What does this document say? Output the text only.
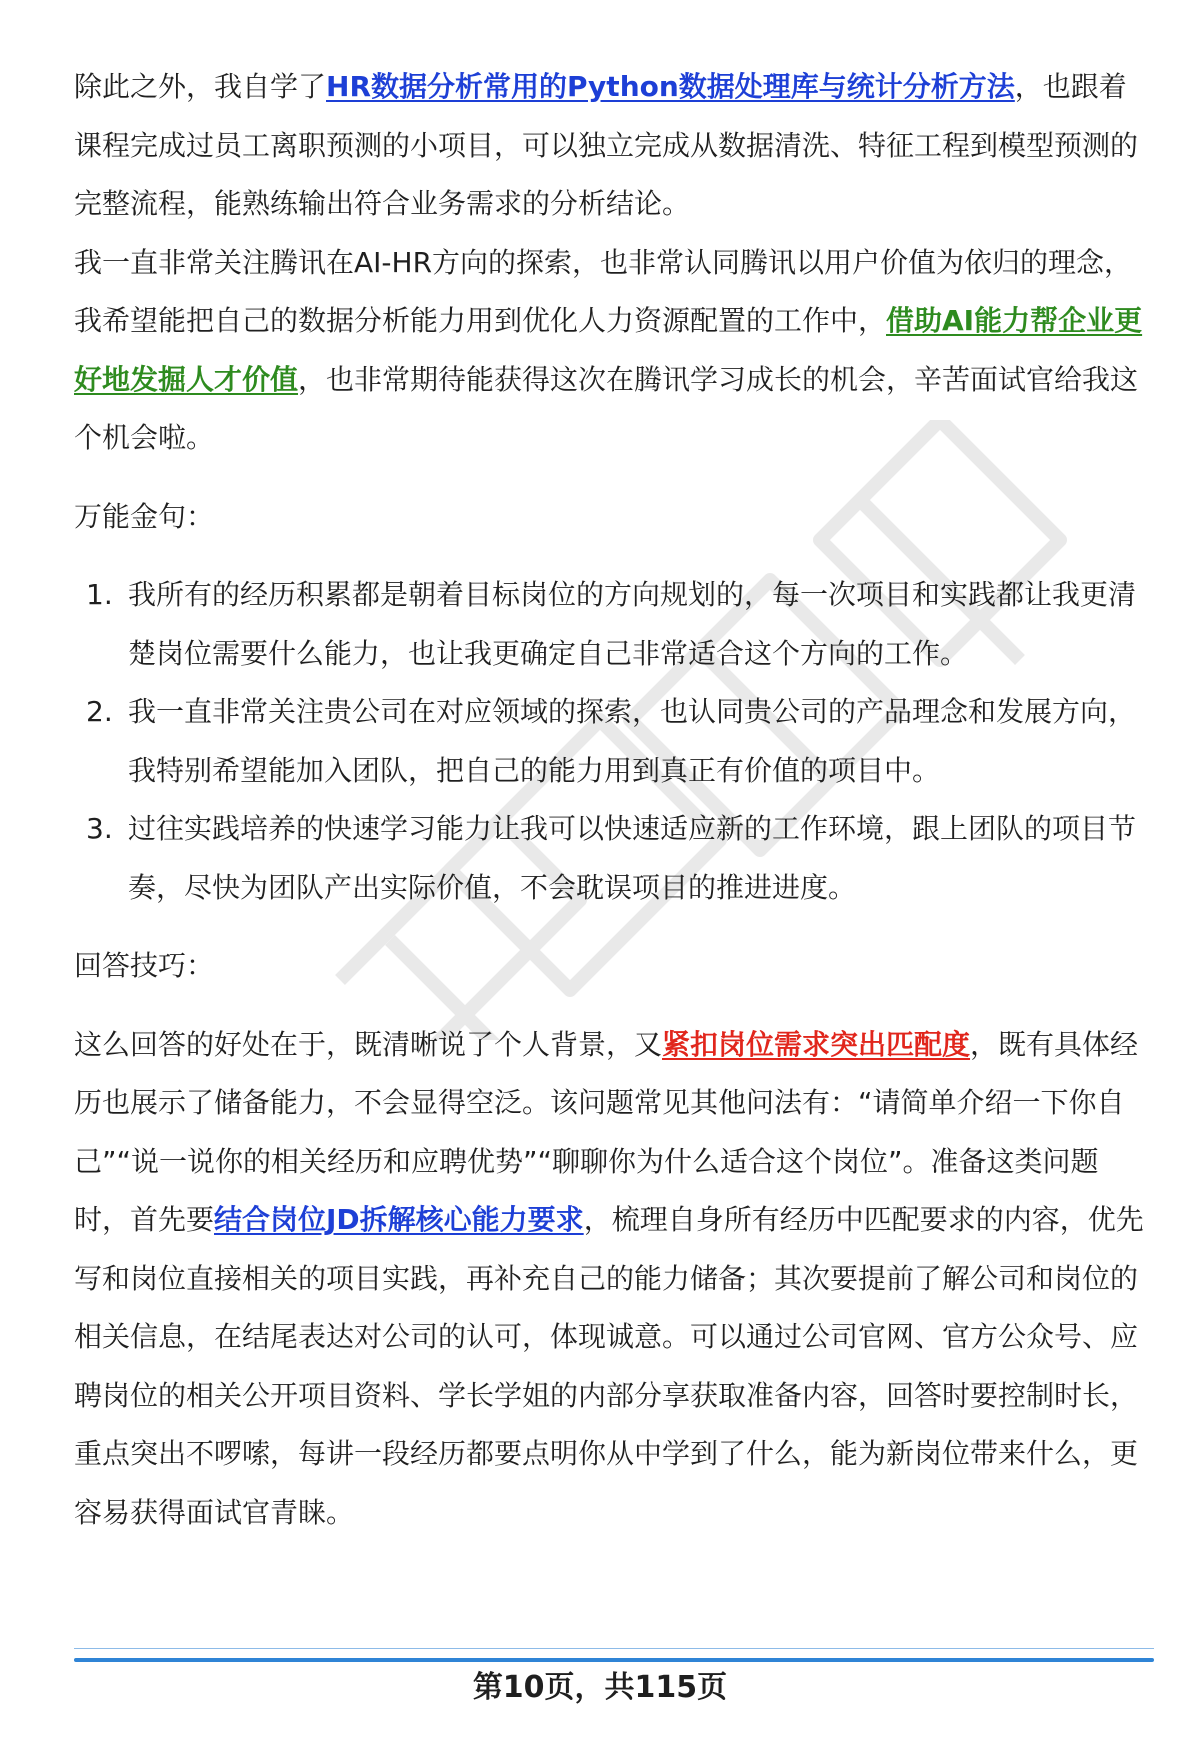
除此之外，我自学了HR数据分析常用的Python数据处理库与统计分析方法，也跟着课程完成过员工离职预测的小项目，可以独立完成从数据清洗、特征工程到模型预测的完整流程，能熟练输出符合业务需求的分析结论。

我一直非常关注腾讯在AI-HR方向的探索，也非常认同腾讯以用户价值为依归的理念，我希望能把自己的数据分析能力用到优化人力资源配置的工作中，借助AI能力帮企业更好地发掘人才价值，也非常期待能获得这次在腾讯学习成长的机会，辛苦面试官给我这个机会啦。

万能金句：

1. 我所有的经历积累都是朝着目标岗位的方向规划的，每一次项目和实践都让我更清楚岗位需要什么能力，也让我更确定自己非常适合这个方向的工作。
2. 我一直非常关注贵公司在对应领域的探索，也认同贵公司的产品理念和发展方向，我特别希望能加入团队，把自己的能力用到真正有价值的项目中。
3. 过往实践培养的快速学习能力让我可以快速适应新的工作环境，跟上团队的项目节奏，尽快为团队产出实际价值，不会耽误项目的推进进度。

回答技巧：

这么回答的好处在于，既清晰说了个人背景，又紧扣岗位需求突出匹配度，既有具体经历也展示了储备能力，不会显得空泛。该问题常见其他问法有：“请简单介绍一下你自己”“说一说你的相关经历和应聘优势”“聊聊你为什么适合这个岗位”。准备这类问题时，首先要结合岗位JD拆解核心能力要求，梳理自身所有经历中匹配要求的内容，优先写和岗位直接相关的项目实践，再补充自己的能力储备；其次要提前了解公司和岗位的相关信息，在结尾表达对公司的认可，体现诚意。可以通过公司官网、官方公众号、应聘岗位的相关公开项目资料、学长学姐的内部分享获取准备内容，回答时要控制时长，重点突出不啰嗦，每讲一段经历都要点明你从中学到了什么，能为新岗位带来什么，更容易获得面试官青睐。

第10页，共115页
